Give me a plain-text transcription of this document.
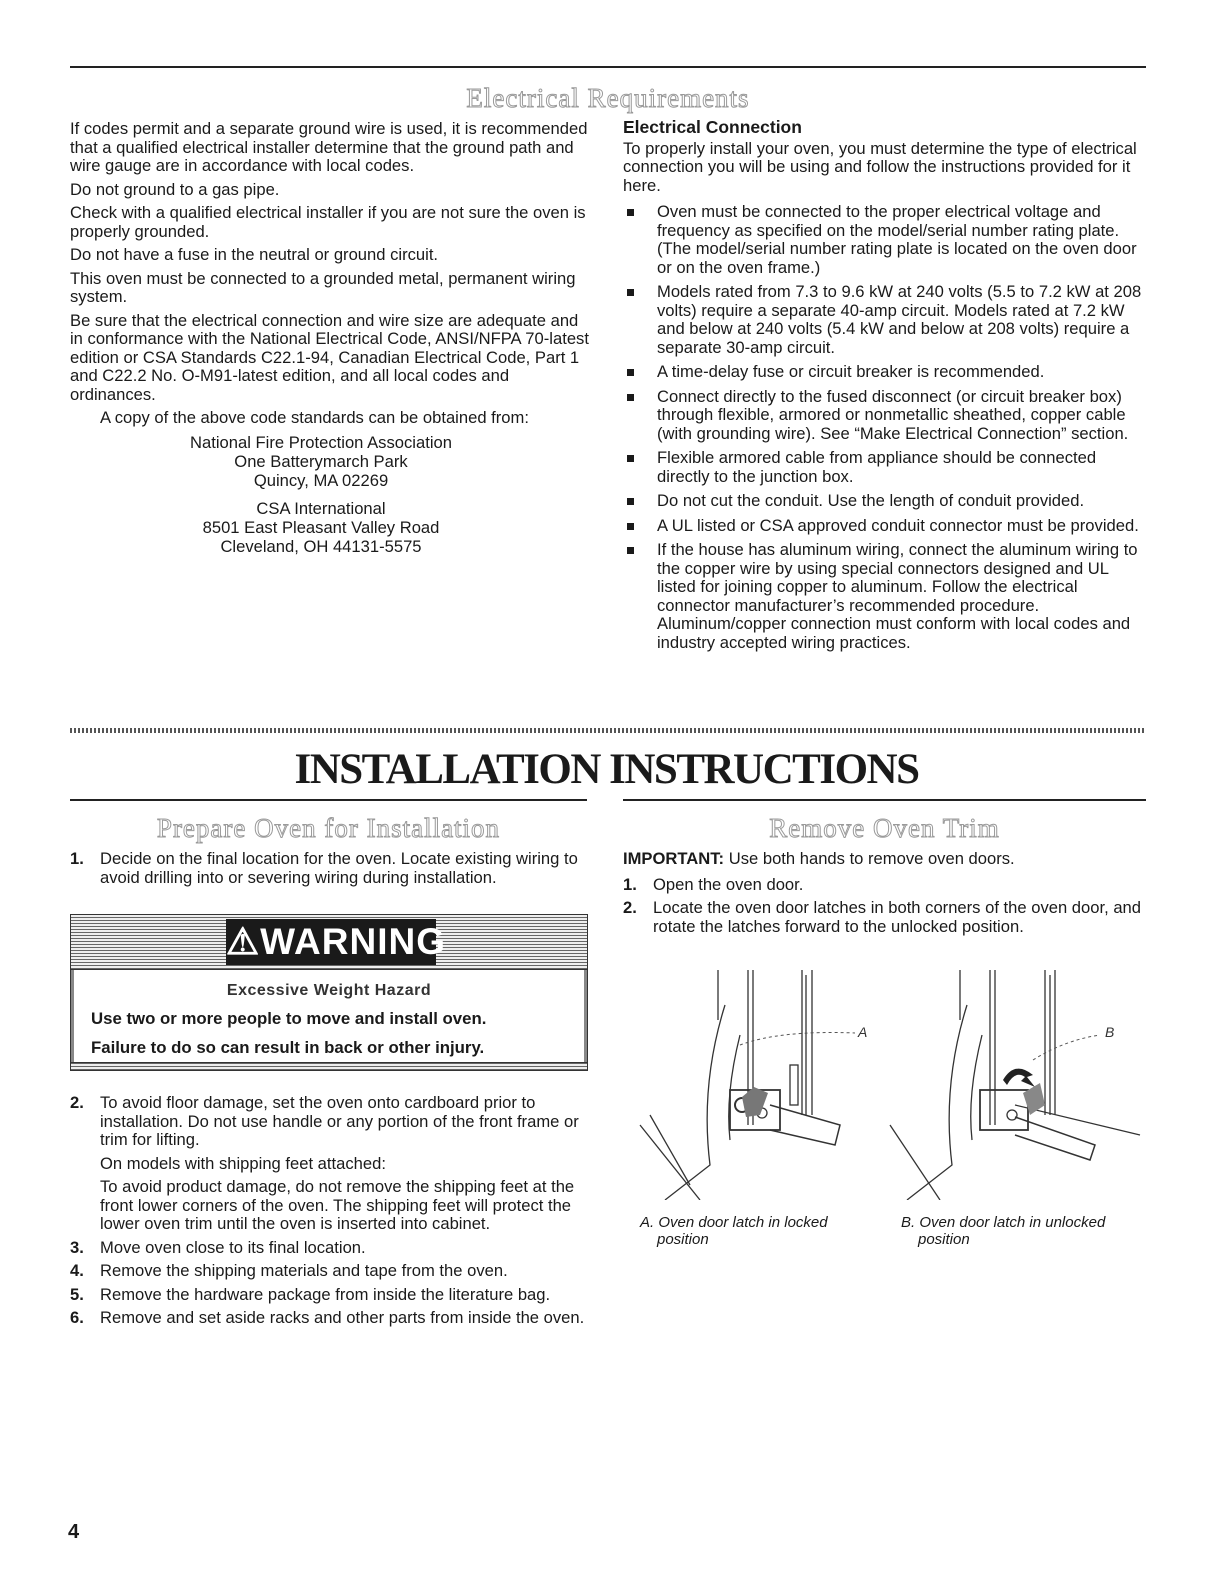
Electrical Requirements

If codes permit and a separate ground wire is used, it is recommended that a qualified electrical installer determine that the ground path and wire gauge are in accordance with local codes.

Do not ground to a gas pipe.

Check with a qualified electrical installer if you are not sure the oven is properly grounded.

Do not have a fuse in the neutral or ground circuit.

This oven must be connected to a grounded metal, permanent wiring system.

Be sure that the electrical connection and wire size are adequate and in conformance with the National Electrical Code, ANSI/NFPA 70-latest edition or CSA Standards C22.1-94, Canadian Electrical Code, Part 1 and C22.2 No. O-M91-latest edition, and all local codes and ordinances.

A copy of the above code standards can be obtained from:

National Fire Protection Association
One Batterymarch Park
Quincy, MA 02269
CSA International
8501 East Pleasant Valley Road
Cleveland, OH 44131-5575
Electrical Connection

To properly install your oven, you must determine the type of electrical connection you will be using and follow the instructions provided for it here.

Oven must be connected to the proper electrical voltage and frequency as specified on the model/serial number rating plate. (The model/serial number rating plate is located on the oven door or on the oven frame.)
Models rated from 7.3 to 9.6 kW at 240 volts (5.5 to 7.2 kW at 208 volts) require a separate 40-amp circuit. Models rated at 7.2 kW and below at 240 volts (5.4 kW and below at 208 volts) require a separate 30-amp circuit.
A time-delay fuse or circuit breaker is recommended.
Connect directly to the fused disconnect (or circuit breaker box) through flexible, armored or nonmetallic sheathed, copper cable (with grounding wire). See “Make Electrical Connection” section.
Flexible armored cable from appliance should be connected directly to the junction box.
Do not cut the conduit. Use the length of conduit provided.
A UL listed or CSA approved conduit connector must be provided.
If the house has aluminum wiring, connect the aluminum wiring to the copper wire by using special connectors designed and UL listed for joining copper to aluminum. Follow the electrical connector manufacturer’s recommended procedure. Aluminum/copper connection must conform with local codes and industry accepted wiring practices.
INSTALLATION INSTRUCTIONS
Prepare Oven for Installation	Remove Oven Trim
1. Decide on the final location for the oven. Locate existing wiring to avoid drilling into or severing wiring during installation.
⚠WARNING
Excessive Weight Hazard
Use two or more people to move and install oven.
Failure to do so can result in back or other injury.
2. To avoid floor damage, set the oven onto cardboard prior to installation. Do not use handle or any portion of the front frame or trim for lifting.
On models with shipping feet attached:
To avoid product damage, do not remove the shipping feet at the front lower corners of the oven. The shipping feet will protect the lower oven trim until the oven is inserted into cabinet.
3. Move oven close to its final location.
4. Remove the shipping materials and tape from the oven.
5. Remove the hardware package from inside the literature bag.
6. Remove and set aside racks and other parts from inside the oven.

IMPORTANT: Use both hands to remove oven doors.

1. Open the oven door.
2. Locate the oven door latches in both corners of the oven door, and rotate the latches forward to the unlocked position.
A	B
A. Oven door latch in locked
position
B. Oven door latch in unlocked
position
4
